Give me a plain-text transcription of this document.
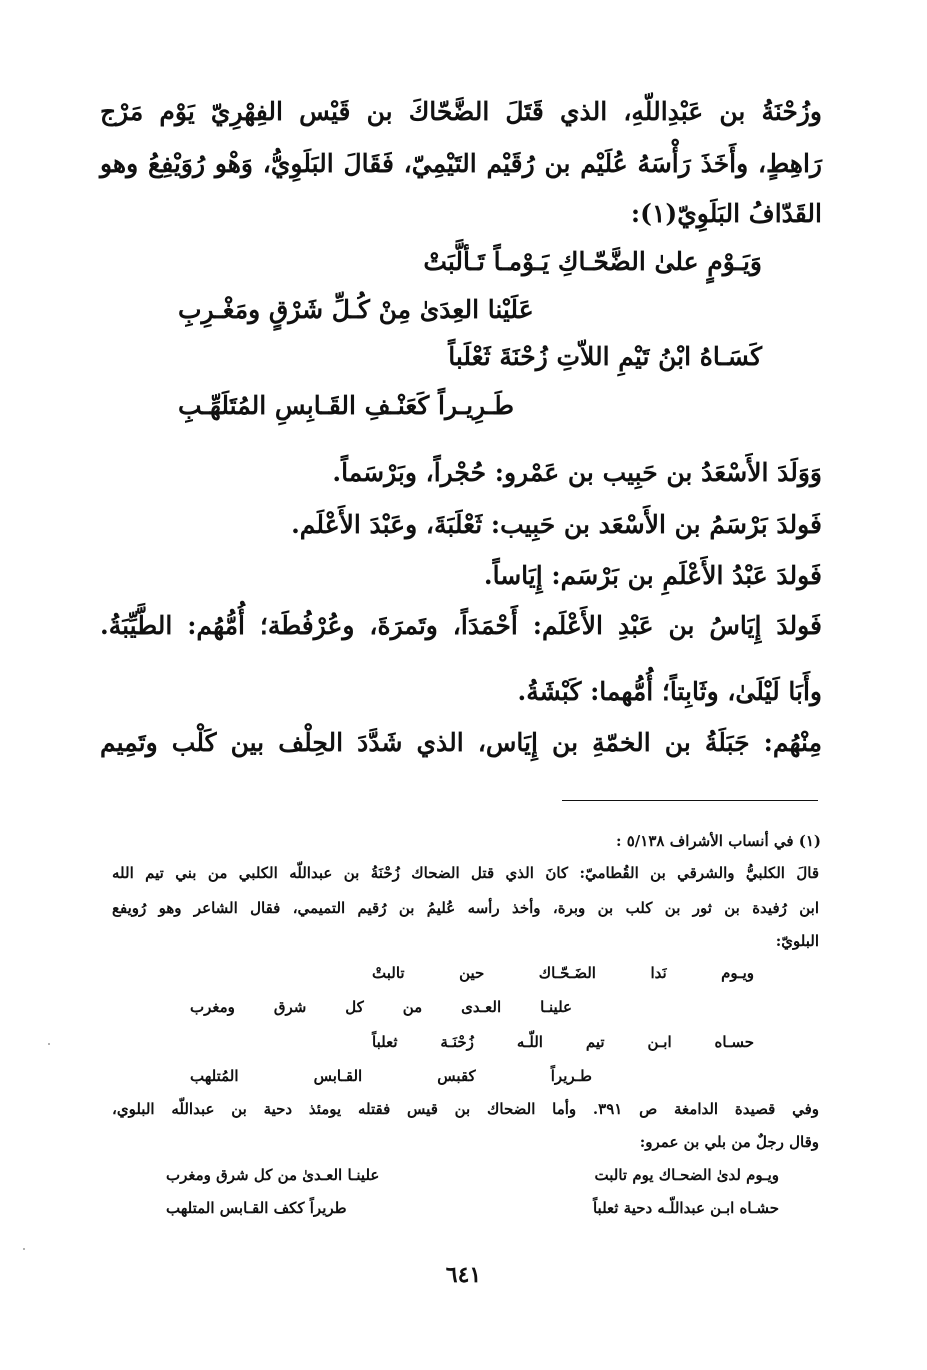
وزُحْنَةُ بن عَبْدِاللّهِ، الذي قَتَلَ الضَّحّاكَ بن قَيْس الفِهْرِيّ يَوْم مَرْج
رَاهِطٍ، وأَخَذَ رَأْسَهُ عُلَيْم بن رُقَيْم التَيْمِيّ، فَقَالَ البَلَوِيُّ، وَهْو رُوَيْفِعُ وهو
القَدّافُ البَلَوِيّ(١):
وَيَـوْمٍ علىٰ الضَّحّـاكِ يَـوْمـاً تَـألَّبَتْ
عَلَيْنا العِدَىٰ مِنْ كُـلِّ شَرْقٍ ومَغْـرِبِ
كَسَـاهُ ابْنُ تَيْمِ اللاّتِ زُحْنَةَ ثَعْلَباً
طَـرِيـراً كَعَنْـفِ القَـابِسِ المُتَلَهِّـبِ
وَوَلَدَ الأَسْعَدُ بن حَبِيب بن عَمْرو: حُجْراً، وبَرْسَماً.
فَولدَ بَرْسَمُ بن الأَسْعَد بن حَبِيب: ثَعْلَبَةَ، وعَبْدَ الأَعْلَم.
فَولدَ عَبْدُ الأَعْلَمِ بن بَرْسَم: إِيَاساً.
فَولدَ إِيَاسُ بن عَبْدِ الأَعْلَم: أَحْمَدَاً، وتَمرَةَ، وعُرْفُطَة؛ أُمُّهُم: الطَّيِّبَةُ.
وأَبَا لَيْلَىٰ، وثَابِتاً؛ أُمُّهما: كَبْشَةُ.
مِنْهُم: جَبَلَةُ بن الخمّةِ بن إِيَاس، الذي شَدَّدَ الحِلْف بين كَلْب وتَمِيم
(١) في أنساب الأشراف ٥/١٣٨ :
قالَ الكلبيُّ والشرقي بن القُطاميّ: كانَ الذي قتل الضحاك زُحْنَةُ بن عبداللّه الكلبي من بني تيم الله
ابن رُفيدة بن ثور بن كلب بن وبرة، وأخذ رأسه عُليمُ بن رُقيم التميمي، فقال الشاعر وهو رُويفع
البلويّ:
ويـوم
نَدا
الضَـحّـاك
حين
تالبتْ
علينـا
العـدى
من
كل
شرق
ومغرب
حسـاه
ابـن
تيم
اللّـه
زُحْنَـة
ثعلباً
طـريراً
كقبس
القـابس
المُتلهب
وفي قصيدة الدامغة ص ٣٩١. وأما الضحاك بن قيس فقتله يومئذ دحية بن عبداللّه البلوي،
وقال رجلٌ من بلي بن عمرو:
ويـوم لدىٰ الضحـاك يوم تالبت
علينـا العـدىٰ من كل شرق ومغرب
حشـاه ابـن عبداللّـه دحية ثعلباً
طريراً ككف القـابس المتلهب
٦٤١
